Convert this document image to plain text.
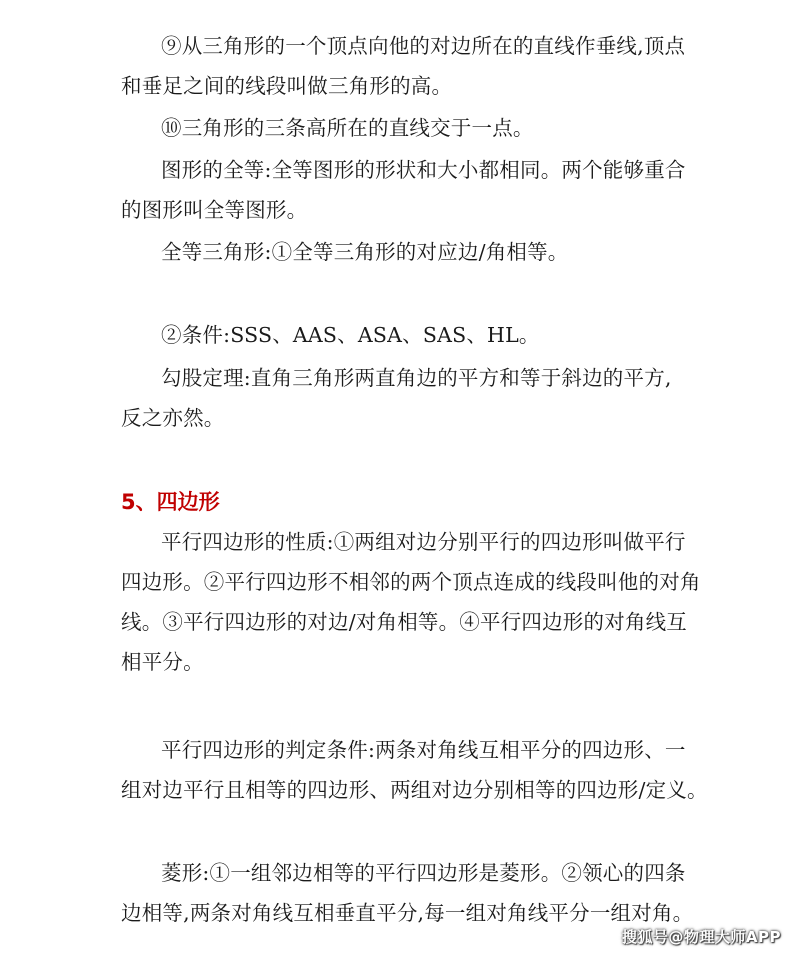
⑨从三角形的一个顶点向他的对边所在的直线作垂线,顶点
和垂足之间的线段叫做三角形的高。

⑩三角形的三条高所在的直线交于一点。

图形的全等:全等图形的形状和大小都相同。两个能够重合
的图形叫全等图形。

全等三角形:①全等三角形的对应边/角相等。

②条件:SSS、AAS、ASA、SAS、HL。

勾股定理:直角三角形两直角边的平方和等于斜边的平方,
反之亦然。

5、四边形

平行四边形的性质:①两组对边分别平行的四边形叫做平行
四边形。②平行四边形不相邻的两个顶点连成的线段叫他的对角
线。③平行四边形的对边/对角相等。④平行四边形的对角线互
相平分。

平行四边形的判定条件:两条对角线互相平分的四边形、一
组对边平行且相等的四边形、两组对边分别相等的四边形/定义。

菱形:①一组邻边相等的平行四边形是菱形。②领心的四条
边相等,两条对角线互相垂直平分,每一组对角线平分一组对角。

搜狐号@物理大师APP
